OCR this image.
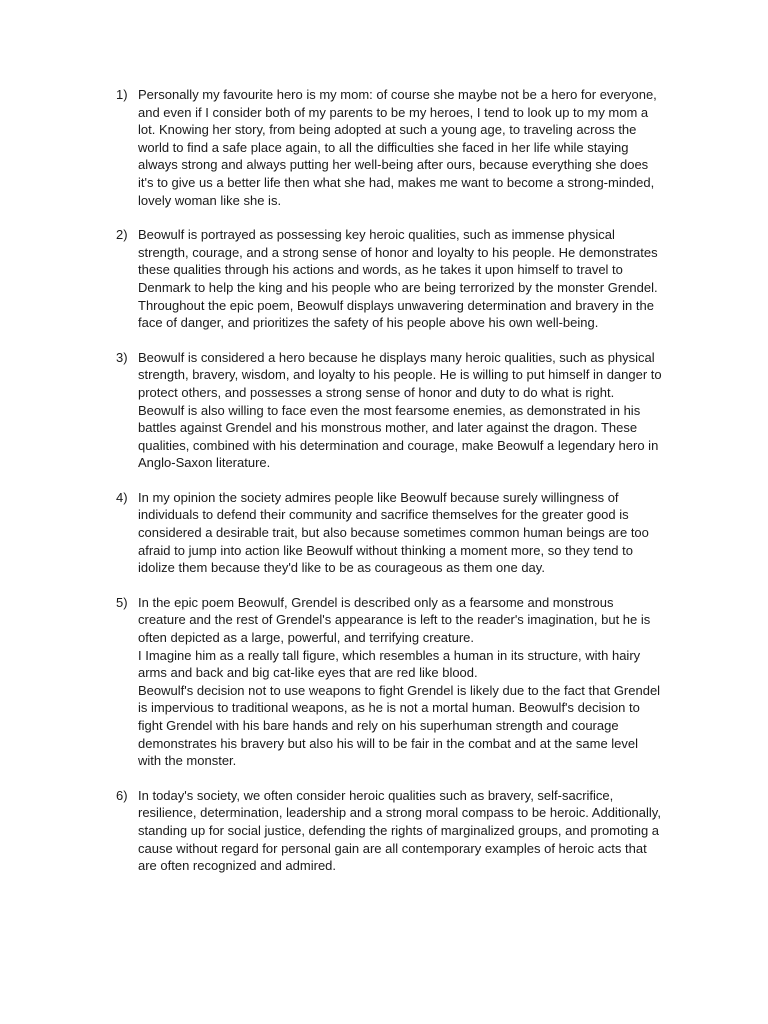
1) Personally my favourite hero is my mom: of course she maybe not be a hero for everyone, and even if I consider both of my parents to be my heroes, I tend to look up to my mom a lot. Knowing her story, from being adopted at such a young age, to traveling across the world to find a safe place again, to all the difficulties she faced in her life while staying always strong and always putting her well-being after ours, because everything she does it's to give us a better life then what she had, makes me want to become a strong-minded, lovely woman like she is.

2) Beowulf is portrayed as possessing key heroic qualities, such as immense physical strength, courage, and a strong sense of honor and loyalty to his people. He demonstrates these qualities through his actions and words, as he takes it upon himself to travel to Denmark to help the king and his people who are being terrorized by the monster Grendel. Throughout the epic poem, Beowulf displays unwavering determination and bravery in the face of danger, and prioritizes the safety of his people above his own well-being.

3) Beowulf is considered a hero because he displays many heroic qualities, such as physical strength, bravery, wisdom, and loyalty to his people. He is willing to put himself in danger to protect others, and possesses a strong sense of honor and duty to do what is right. Beowulf is also willing to face even the most fearsome enemies, as demonstrated in his battles against Grendel and his monstrous mother, and later against the dragon. These qualities, combined with his determination and courage, make Beowulf a legendary hero in Anglo-Saxon literature.

4) In my opinion the society admires people like Beowulf because surely willingness of individuals to defend their community and sacrifice themselves for the greater good is considered a desirable trait, but also because sometimes common human beings are too afraid to jump into action like Beowulf without thinking a moment more, so they tend to idolize them because they'd like to be as courageous as them one day.

5) In the epic poem Beowulf, Grendel is described only as a fearsome and monstrous creature and the rest of Grendel's appearance is left to the reader's imagination, but he is often depicted as a large, powerful, and terrifying creature.

I Imagine him as a really tall figure, which resembles a human in its structure, with hairy arms and back and big cat-like eyes that are red like blood.

Beowulf's decision not to use weapons to fight Grendel is likely due to the fact that Grendel is impervious to traditional weapons, as he is not a mortal human. Beowulf's decision to fight Grendel with his bare hands and rely on his superhuman strength and courage demonstrates his bravery but also his will to be fair in the combat and at the same level with the monster.

6) In today's society, we often consider heroic qualities such as bravery, self-sacrifice, resilience, determination, leadership and a strong moral compass to be heroic. Additionally, standing up for social justice, defending the rights of marginalized groups, and promoting a cause without regard for personal gain are all contemporary examples of heroic acts that are often recognized and admired.
